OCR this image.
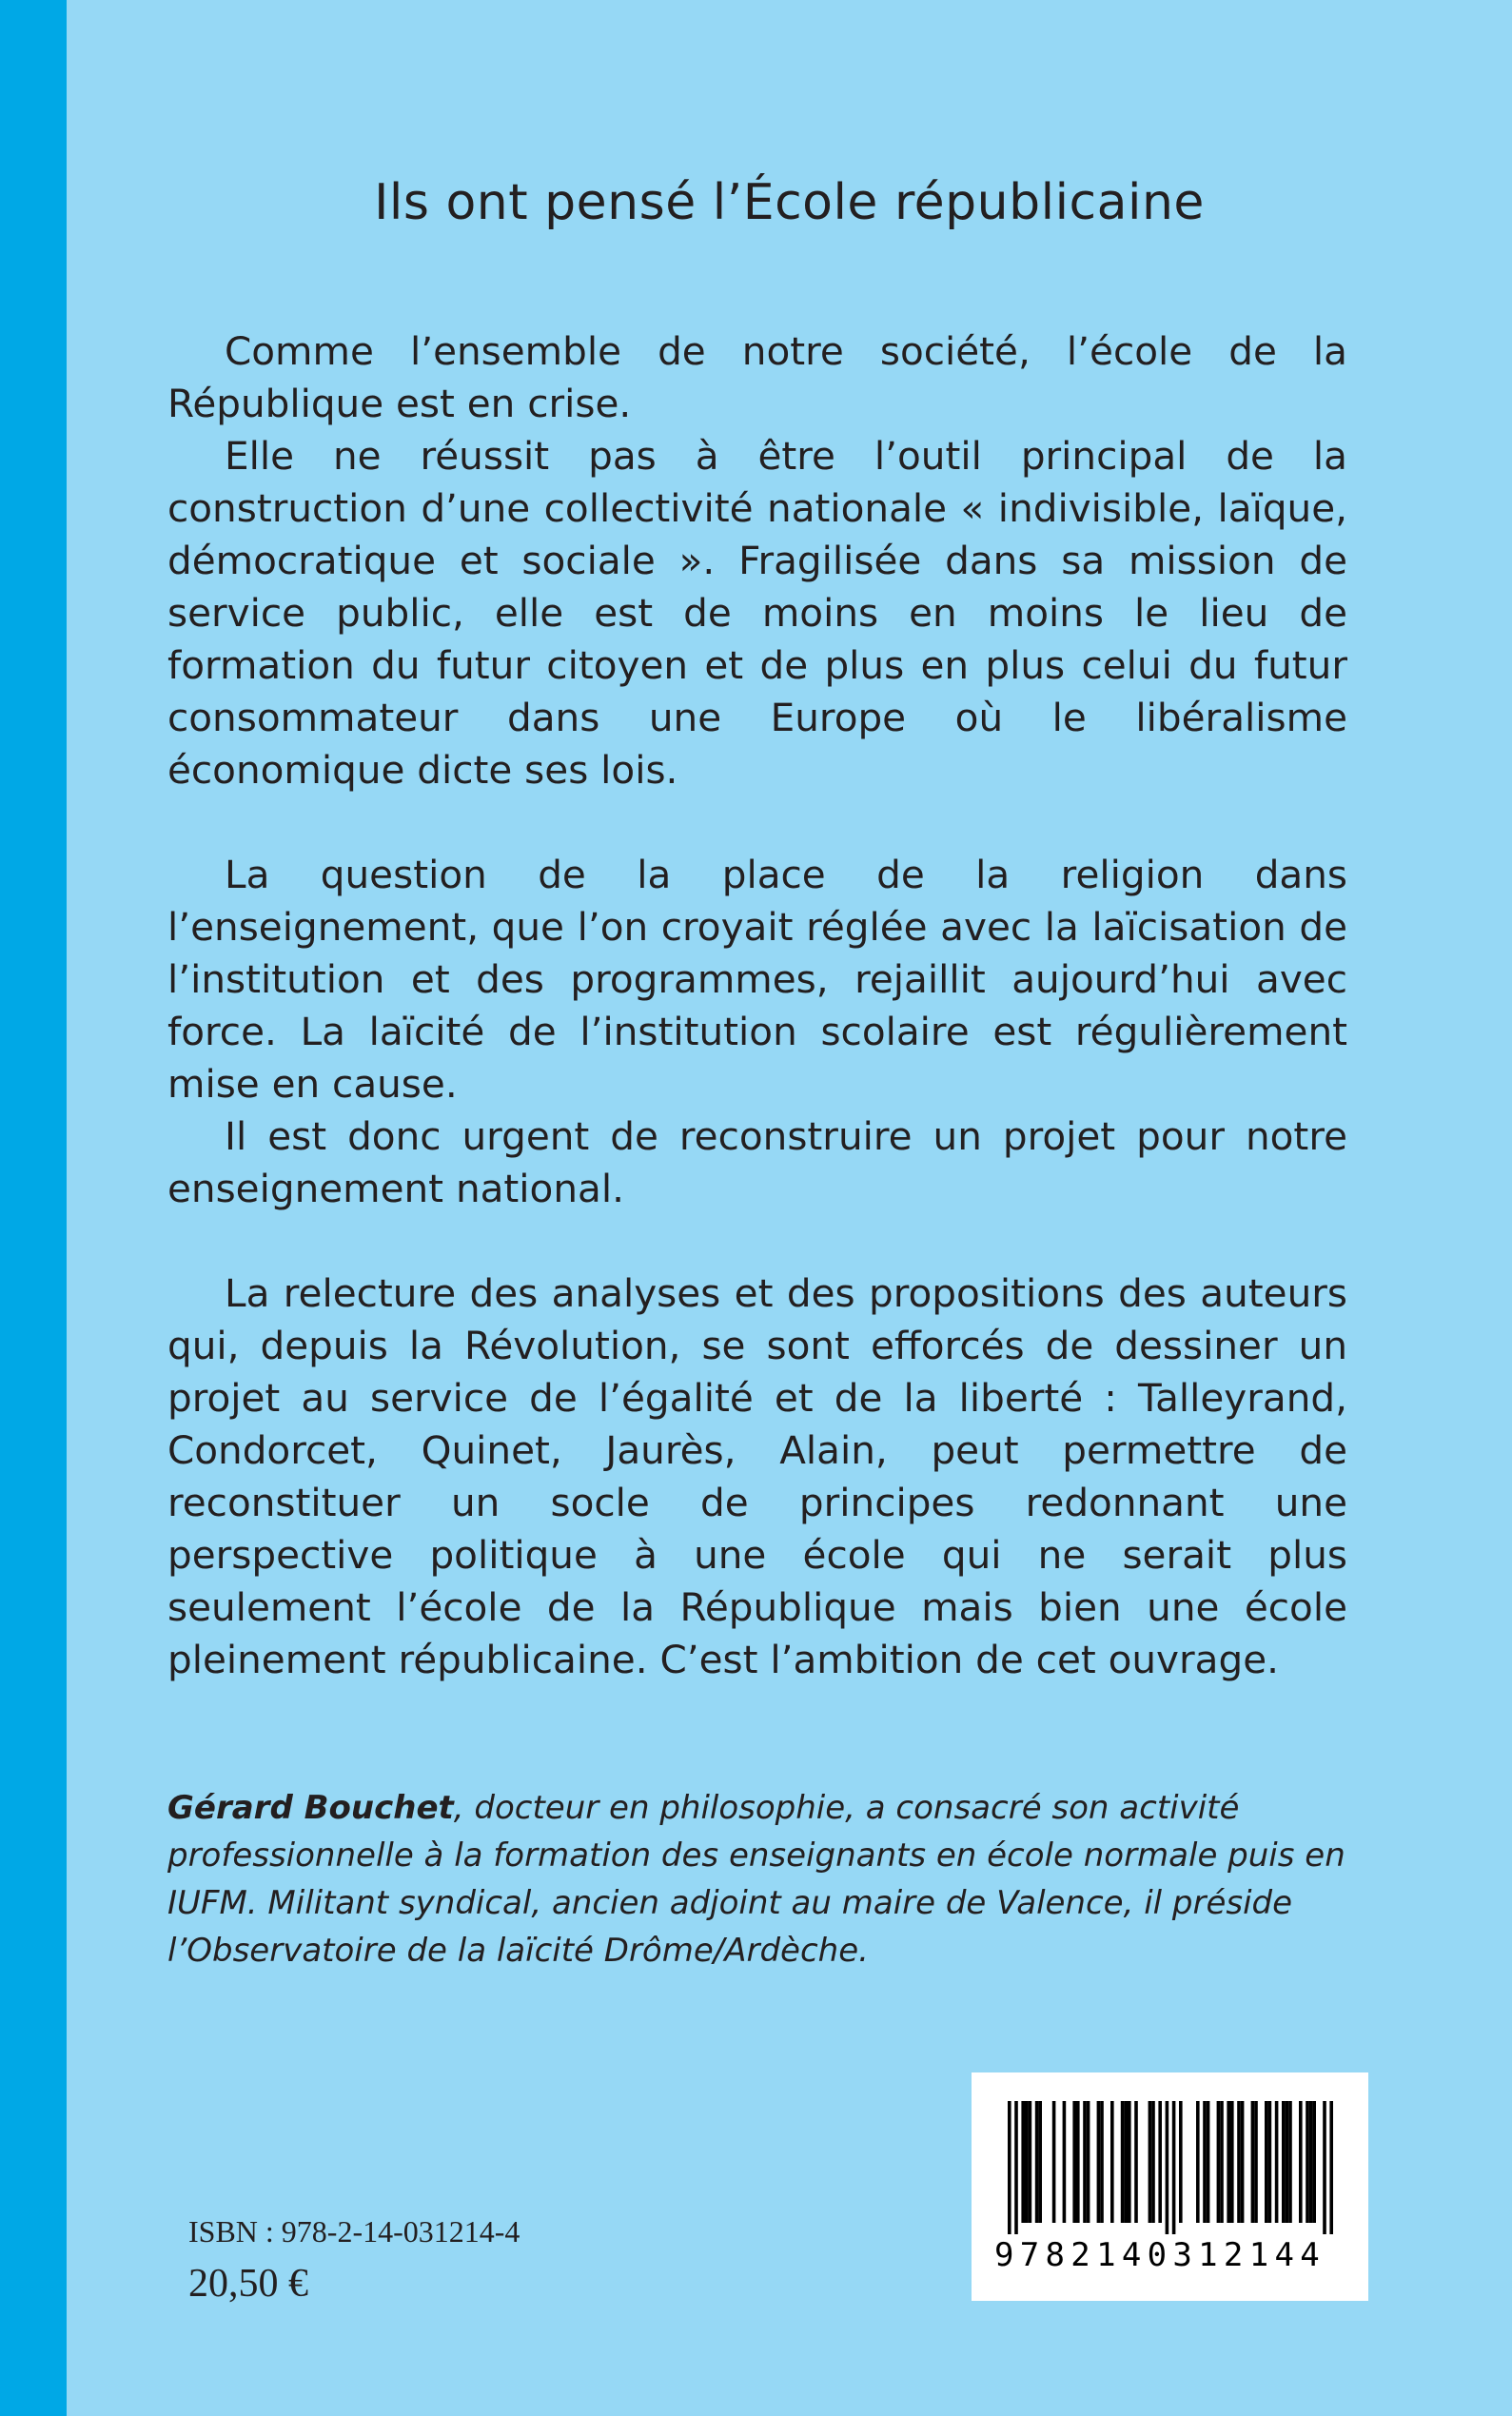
Ils ont pensé l’École républicaine

Comme l’ensemble de notre société, l’école de la République est en crise.

Elle ne réussit pas à être l’outil principal de la construction d’une collectivité nationale « indivisible, laïque, démocratique et sociale ». Fragilisée dans sa mission de service public, elle est de moins en moins le lieu de formation du futur citoyen et de plus en plus celui du futur consommateur dans une Europe où le libéralisme économique dicte ses lois.

La question de la place de la religion dans l’enseignement, que l’on croyait réglée avec la laïcisation de l’institution et des programmes, rejaillit aujourd’hui avec force. La laïcité de l’institution scolaire est régulièrement mise en cause.

Il est donc urgent de reconstruire un projet pour notre enseignement national.

La relecture des analyses et des propositions des auteurs qui, depuis la Révolution, se sont efforcés de dessiner un projet au service de l’égalité et de la liberté : Talleyrand, Condorcet, Quinet, Jaurès, Alain, peut permettre de reconstituer un socle de principes redonnant une perspective politique à une école qui ne serait plus seulement l’école de la République mais bien une école pleinement républicaine. C’est l’ambition de cet ouvrage.

Gérard Bouchet, docteur en philosophie, a consacré son activité professionnelle à la formation des enseignants en école normale puis en IUFM. Militant syndical, ancien adjoint au maire de Valence, il préside l’Observatoire de la laïcité Drôme/Ardèche.
ISBN : 978-2-14-031214-4
20,50 €
9782140312144
